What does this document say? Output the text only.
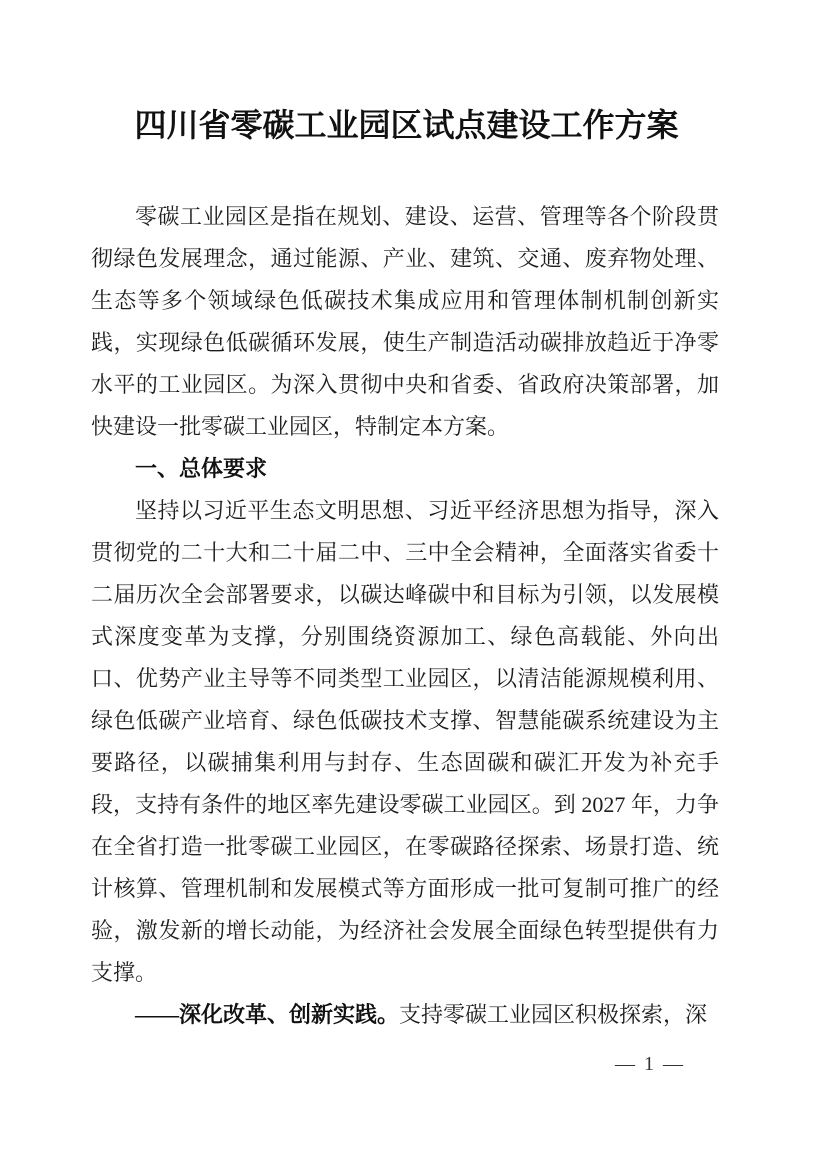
四川省零碳工业园区试点建设工作方案

零碳工业园区是指在规划、建设、运营、管理等各个阶段贯彻绿色发展理念，通过能源、产业、建筑、交通、废弃物处理、生态等多个领域绿色低碳技术集成应用和管理体制机制创新实践，实现绿色低碳循环发展，使生产制造活动碳排放趋近于净零水平的工业园区。为深入贯彻中央和省委、省政府决策部署，加快建设一批零碳工业园区，特制定本方案。

一、总体要求

坚持以习近平生态文明思想、习近平经济思想为指导，深入贯彻党的二十大和二十届二中、三中全会精神，全面落实省委十二届历次全会部署要求，以碳达峰碳中和目标为引领，以发展模式深度变革为支撑，分别围绕资源加工、绿色高载能、外向出口、优势产业主导等不同类型工业园区，以清洁能源规模利用、绿色低碳产业培育、绿色低碳技术支撑、智慧能碳系统建设为主要路径，以碳捕集利用与封存、生态固碳和碳汇开发为补充手段，支持有条件的地区率先建设零碳工业园区。到 2027 年，力争在全省打造一批零碳工业园区，在零碳路径探索、场景打造、统计核算、管理机制和发展模式等方面形成一批可复制可推广的经验，激发新的增长动能，为经济社会发展全面绿色转型提供有力支撑。

——深化改革、创新实践。支持零碳工业园区积极探索，深

— 1 —
